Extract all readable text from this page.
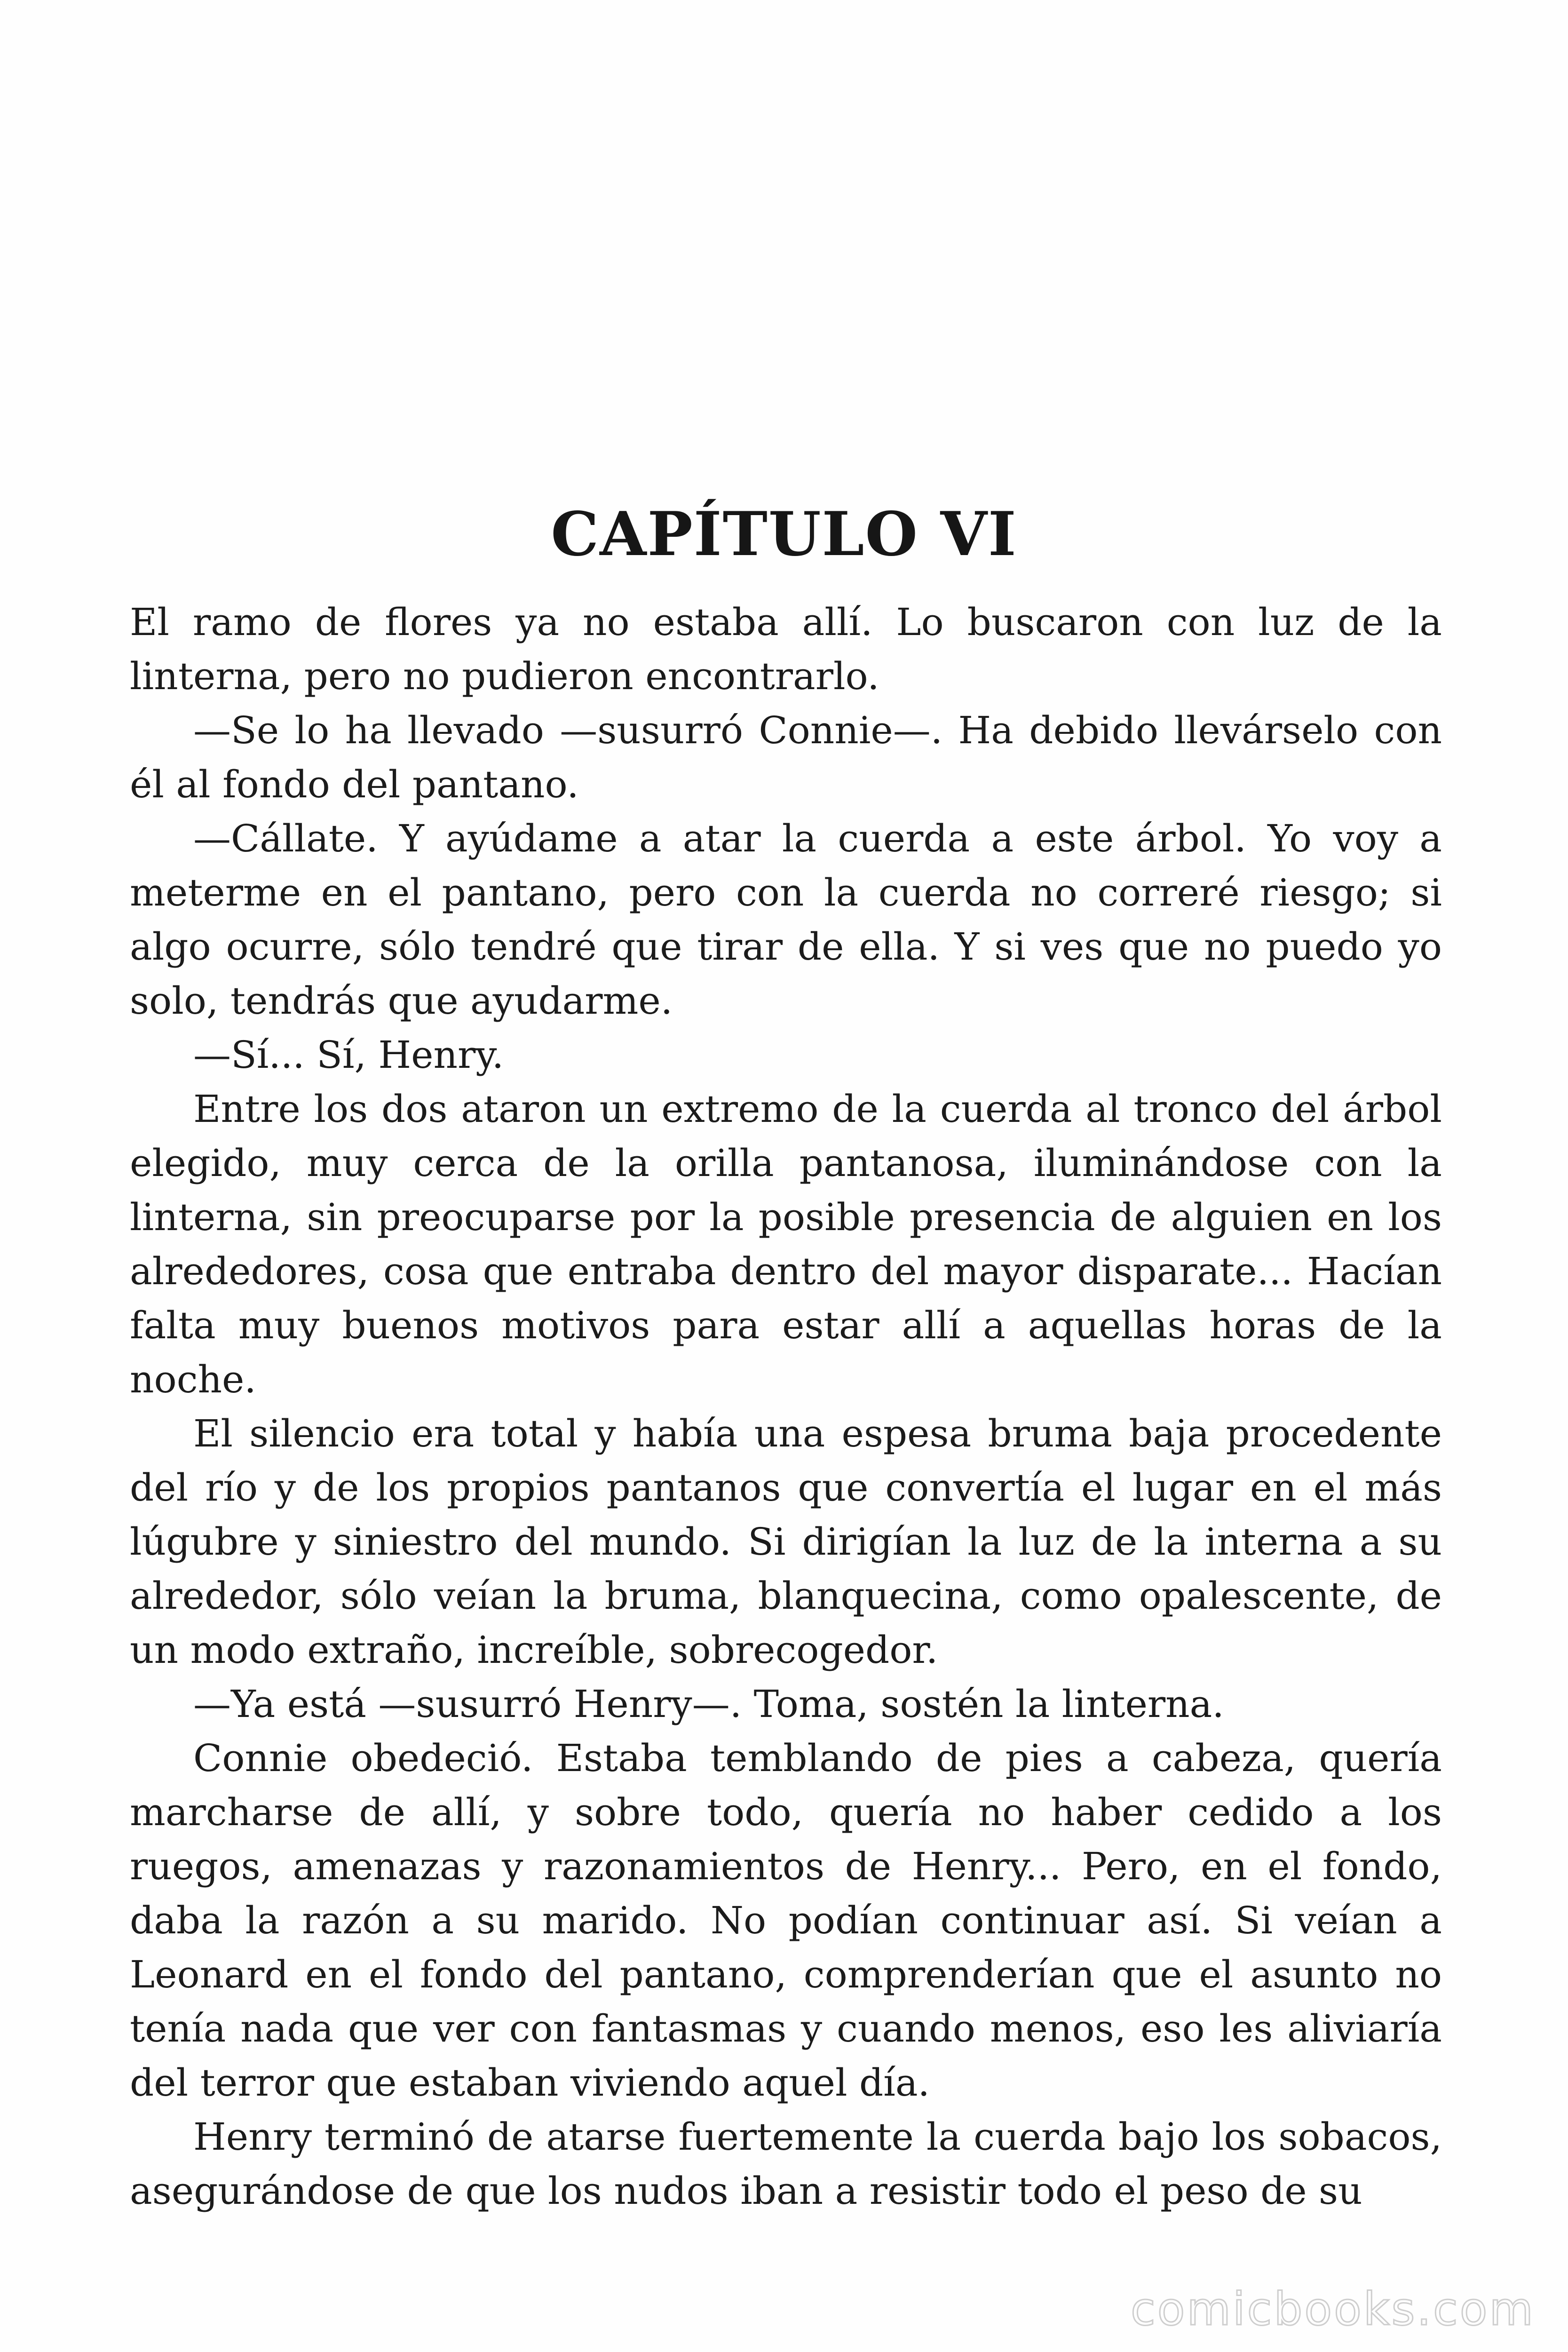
CAPÍTULO VI

El ramo de flores ya no estaba allí. Lo buscaron con luz de la linterna, pero no pudieron encontrarlo.

—Se lo ha llevado —susurró Connie—. Ha debido llevárselo con él al fondo del pantano.

—Cállate. Y ayúdame a atar la cuerda a este árbol. Yo voy a meterme en el pantano, pero con la cuerda no correré riesgo; si algo ocurre, sólo tendré que tirar de ella. Y si ves que no puedo yo solo, tendrás que ayudarme.

—Sí... Sí, Henry.

Entre los dos ataron un extremo de la cuerda al tronco del árbol elegido, muy cerca de la orilla pantanosa, iluminándose con la linterna, sin preocuparse por la posible presencia de alguien en los alrededores, cosa que entraba dentro del mayor disparate... Hacían falta muy buenos motivos para estar allí a aquellas horas de la noche.

El silencio era total y había una espesa bruma baja procedente del río y de los propios pantanos que convertía el lugar en el más lúgubre y siniestro del mundo. Si dirigían la luz de la interna a su alrededor, sólo veían la bruma, blanquecina, como opalescente, de un modo extraño, increíble, sobrecogedor.

—Ya está —susurró Henry—. Toma, sostén la linterna.

Connie obedeció. Estaba temblando de pies a cabeza, quería marcharse de allí, y sobre todo, quería no haber cedido a los ruegos, amenazas y razonamientos de Henry... Pero, en el fondo, daba la razón a su marido. No podían continuar así. Si veían a Leonard en el fondo del pantano, comprenderían que el asunto no tenía nada que ver con fantasmas y cuando menos, eso les aliviaría del terror que estaban viviendo aquel día.

Henry terminó de atarse fuertemente la cuerda bajo los sobacos, asegurándose de que los nudos iban a resistir todo el peso de su

comicbooks.com
